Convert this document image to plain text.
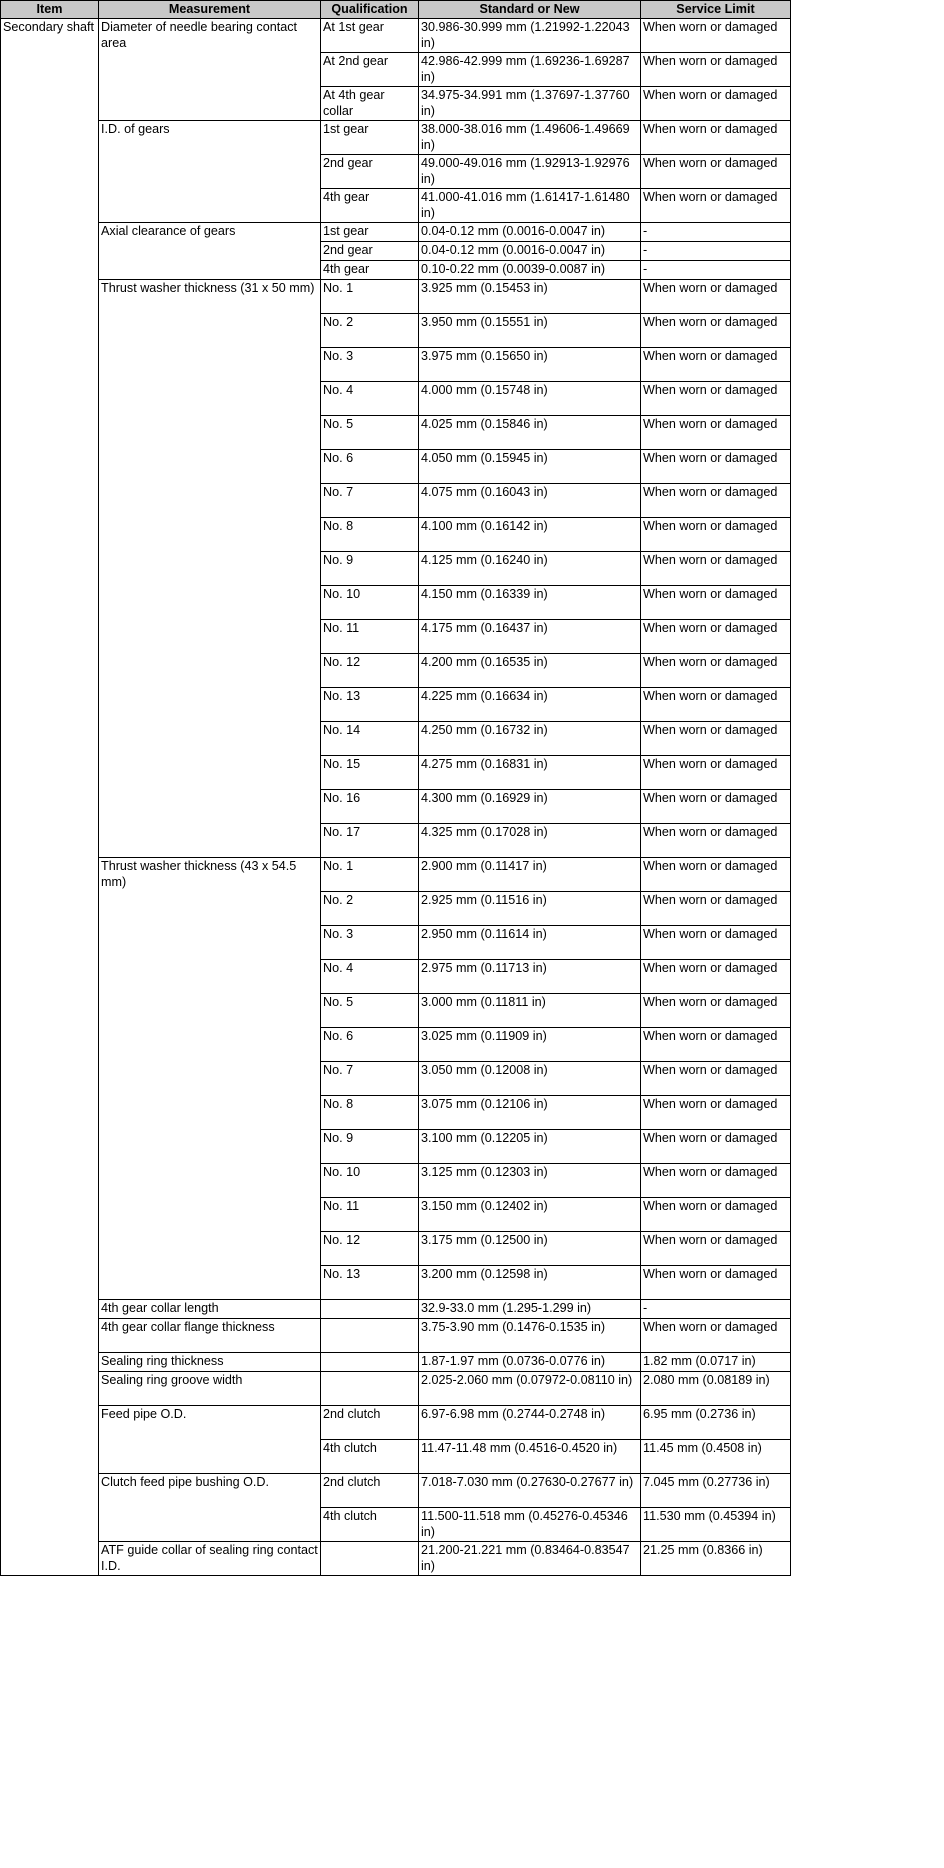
Item	Measurement	Qualification	Standard or New	Service Limit
Secondary shaft	Diameter of needle bearing contact area	At 1st gear	30.986-30.999 mm (1.21992-1.22043 in)	When worn or damaged
		At 2nd gear	42.986-42.999 mm (1.69236-1.69287 in)	When worn or damaged
		At 4th gear collar	34.975-34.991 mm (1.37697-1.37760 in)	When worn or damaged
	I.D. of gears	1st gear	38.000-38.016 mm (1.49606-1.49669 in)	When worn or damaged
		2nd gear	49.000-49.016 mm (1.92913-1.92976 in)	When worn or damaged
		4th gear	41.000-41.016 mm (1.61417-1.61480 in)	When worn or damaged
	Axial clearance of gears	1st gear	0.04-0.12 mm (0.0016-0.0047 in)	-
		2nd gear	0.04-0.12 mm (0.0016-0.0047 in)	-
		4th gear	0.10-0.22 mm (0.0039-0.0087 in)	-
	Thrust washer thickness (31 x 50 mm)	No. 1	3.925 mm (0.15453 in)	When worn or damaged
		No. 2	3.950 mm (0.15551 in)	When worn or damaged
		No. 3	3.975 mm (0.15650 in)	When worn or damaged
		No. 4	4.000 mm (0.15748 in)	When worn or damaged
		No. 5	4.025 mm (0.15846 in)	When worn or damaged
		No. 6	4.050 mm (0.15945 in)	When worn or damaged
		No. 7	4.075 mm (0.16043 in)	When worn or damaged
		No. 8	4.100 mm (0.16142 in)	When worn or damaged
		No. 9	4.125 mm (0.16240 in)	When worn or damaged
		No. 10	4.150 mm (0.16339 in)	When worn or damaged
		No. 11	4.175 mm (0.16437 in)	When worn or damaged
		No. 12	4.200 mm (0.16535 in)	When worn or damaged
		No. 13	4.225 mm (0.16634 in)	When worn or damaged
		No. 14	4.250 mm (0.16732 in)	When worn or damaged
		No. 15	4.275 mm (0.16831 in)	When worn or damaged
		No. 16	4.300 mm (0.16929 in)	When worn or damaged
		No. 17	4.325 mm (0.17028 in)	When worn or damaged
	Thrust washer thickness (43 x 54.5 mm)	No. 1	2.900 mm (0.11417 in)	When worn or damaged
		No. 2	2.925 mm (0.11516 in)	When worn or damaged
		No. 3	2.950 mm (0.11614 in)	When worn or damaged
		No. 4	2.975 mm (0.11713 in)	When worn or damaged
		No. 5	3.000 mm (0.11811 in)	When worn or damaged
		No. 6	3.025 mm (0.11909 in)	When worn or damaged
		No. 7	3.050 mm (0.12008 in)	When worn or damaged
		No. 8	3.075 mm (0.12106 in)	When worn or damaged
		No. 9	3.100 mm (0.12205 in)	When worn or damaged
		No. 10	3.125 mm (0.12303 in)	When worn or damaged
		No. 11	3.150 mm (0.12402 in)	When worn or damaged
		No. 12	3.175 mm (0.12500 in)	When worn or damaged
		No. 13	3.200 mm (0.12598 in)	When worn or damaged
	4th gear collar length		32.9-33.0 mm (1.295-1.299 in)	-
	4th gear collar flange thickness		3.75-3.90 mm (0.1476-0.1535 in)	When worn or damaged
	Sealing ring thickness		1.87-1.97 mm (0.0736-0.0776 in)	1.82 mm (0.0717 in)
	Sealing ring groove width		2.025-2.060 mm (0.07972-0.08110 in)	2.080 mm (0.08189 in)
	Feed pipe O.D.	2nd clutch	6.97-6.98 mm (0.2744-0.2748 in)	6.95 mm (0.2736 in)
		4th clutch	11.47-11.48 mm (0.4516-0.4520 in)	11.45 mm (0.4508 in)
	Clutch feed pipe bushing O.D.	2nd clutch	7.018-7.030 mm (0.27630-0.27677 in)	7.045 mm (0.27736 in)
		4th clutch	11.500-11.518 mm (0.45276-0.45346 in)	11.530 mm (0.45394 in)
	ATF guide collar of sealing ring contact I.D.		21.200-21.221 mm (0.83464-0.83547 in)	21.25 mm (0.8366 in)
